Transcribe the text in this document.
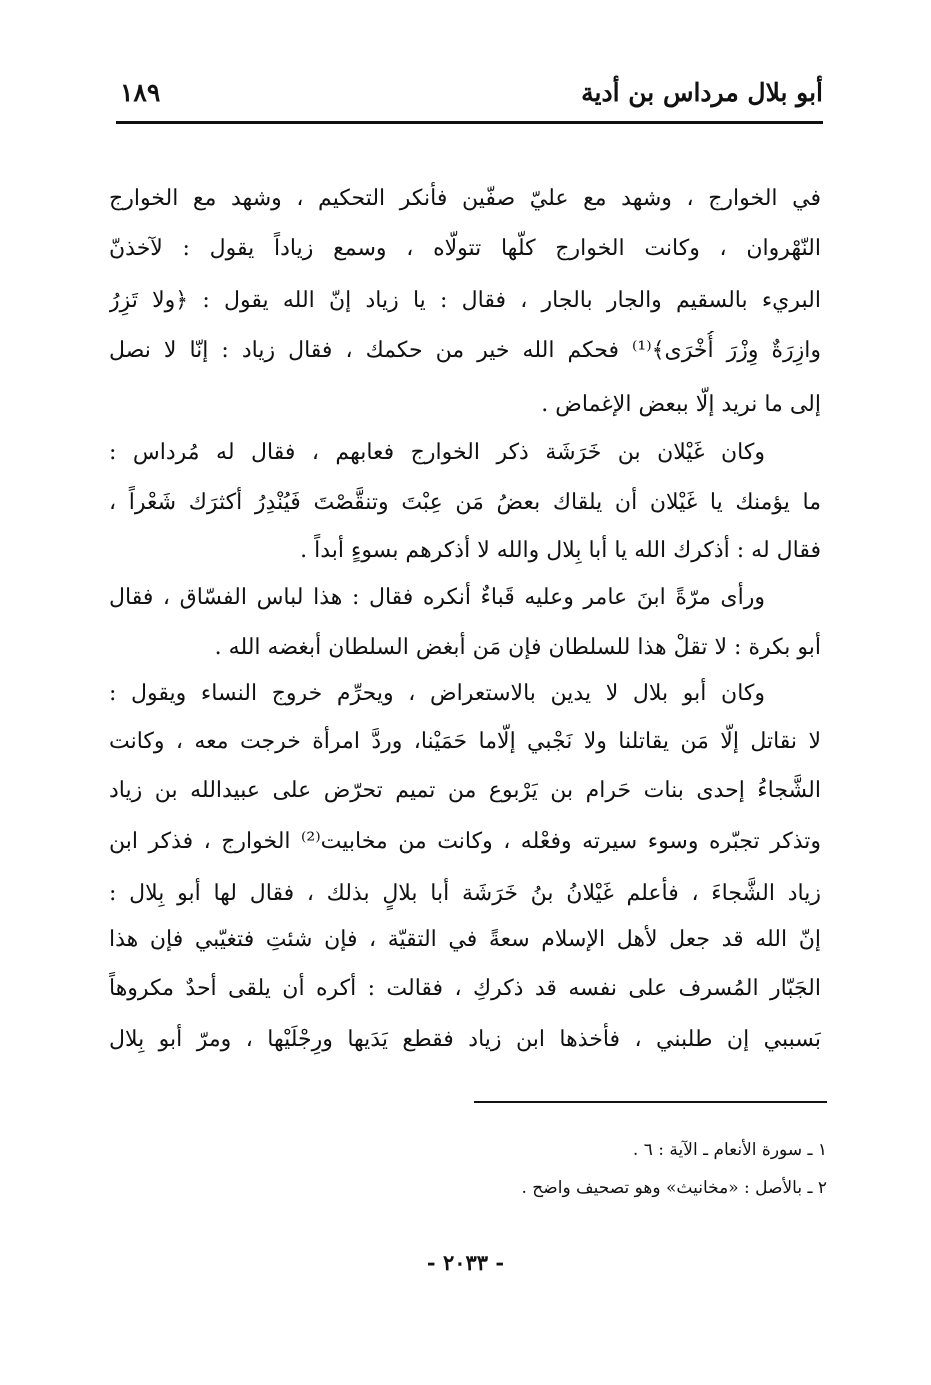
أبو بلال مرداس بن أدية
١٨٩
في الخوارج ، وشهد مع عليّ صفّين فأنكر التحكيم ، وشهد مع الخوارج
النّهْروان ، وكانت الخوارج كلّها تتولّاه ، وسمع زياداً يقول : لآخذنّ
البريء بالسقيم والجار بالجار ، فقال : يا زياد إنّ الله يقول : ﴿ولا تَزِرُ
وازِرَةٌ وِزْرَ أُخْرَى﴾⁽¹⁾ فحكم الله خير من حكمك ، فقال زياد : إنّا لا نصل
إلى ما نريد إلّا ببعض الإغماض .
وكان غَيْلان بن خَرَشَة ذكر الخوارج فعابهم ، فقال له مُرداس :
ما يؤمنك يا غَيْلان أن يلقاك بعضُ مَن عِبْتَ وتنقَّصْتَ فَيُنْدِرُ أكثرَك شَعْراً ،
فقال له : أذكرك الله يا أبا بِلال والله لا أذكرهم بسوءٍ أبداً .
ورأى مرّةً ابنَ عامر وعليه قَباءٌ أنكره فقال : هذا لباس الفسّاق ، فقال
أبو بكرة : لا تقلْ هذا للسلطان فإن مَن أبغض السلطان أبغضه الله .
وكان أبو بلال لا يدين بالاستعراض ، ويحرِّم خروج النساء ويقول :
لا نقاتل إلّا مَن يقاتلنا ولا نَجْبي إلّاما حَمَيْنا، وردَّ امرأة خرجت معه ، وكانت
الشَّجاءُ إحدى بنات حَرام بن يَرْبوع من تميم تحرّض على عبيدالله بن زياد
وتذكر تجبّره وسوء سيرته وفعْله ، وكانت من مخابيت⁽²⁾ الخوارج ، فذكر ابن
زياد الشَّجاءَ ، فأعلم غَيْلانُ بنُ خَرَشَة أبا بلالٍ بذلك ، فقال لها أبو بِلال :
إنّ الله قد جعل لأهل الإسلام سعةً في التقيّة ، فإن شئتِ فتغيّبي فإن هذا
الجَبّار المُسرف على نفسه قد ذكركِ ، فقالت : أكره أن يلقى أحدٌ مكروهاً
بَسببي إن طلبني ، فأخذها ابن زياد فقطع يَدَيها ورِجْلَيْها ، ومرّ أبو بِلال
١ ـ سورة الأنعام ـ الآية : ٦ .
٢ ـ بالأصل : «مخانيث» وهو تصحيف واضح .
- ٢٠٣٣ -
